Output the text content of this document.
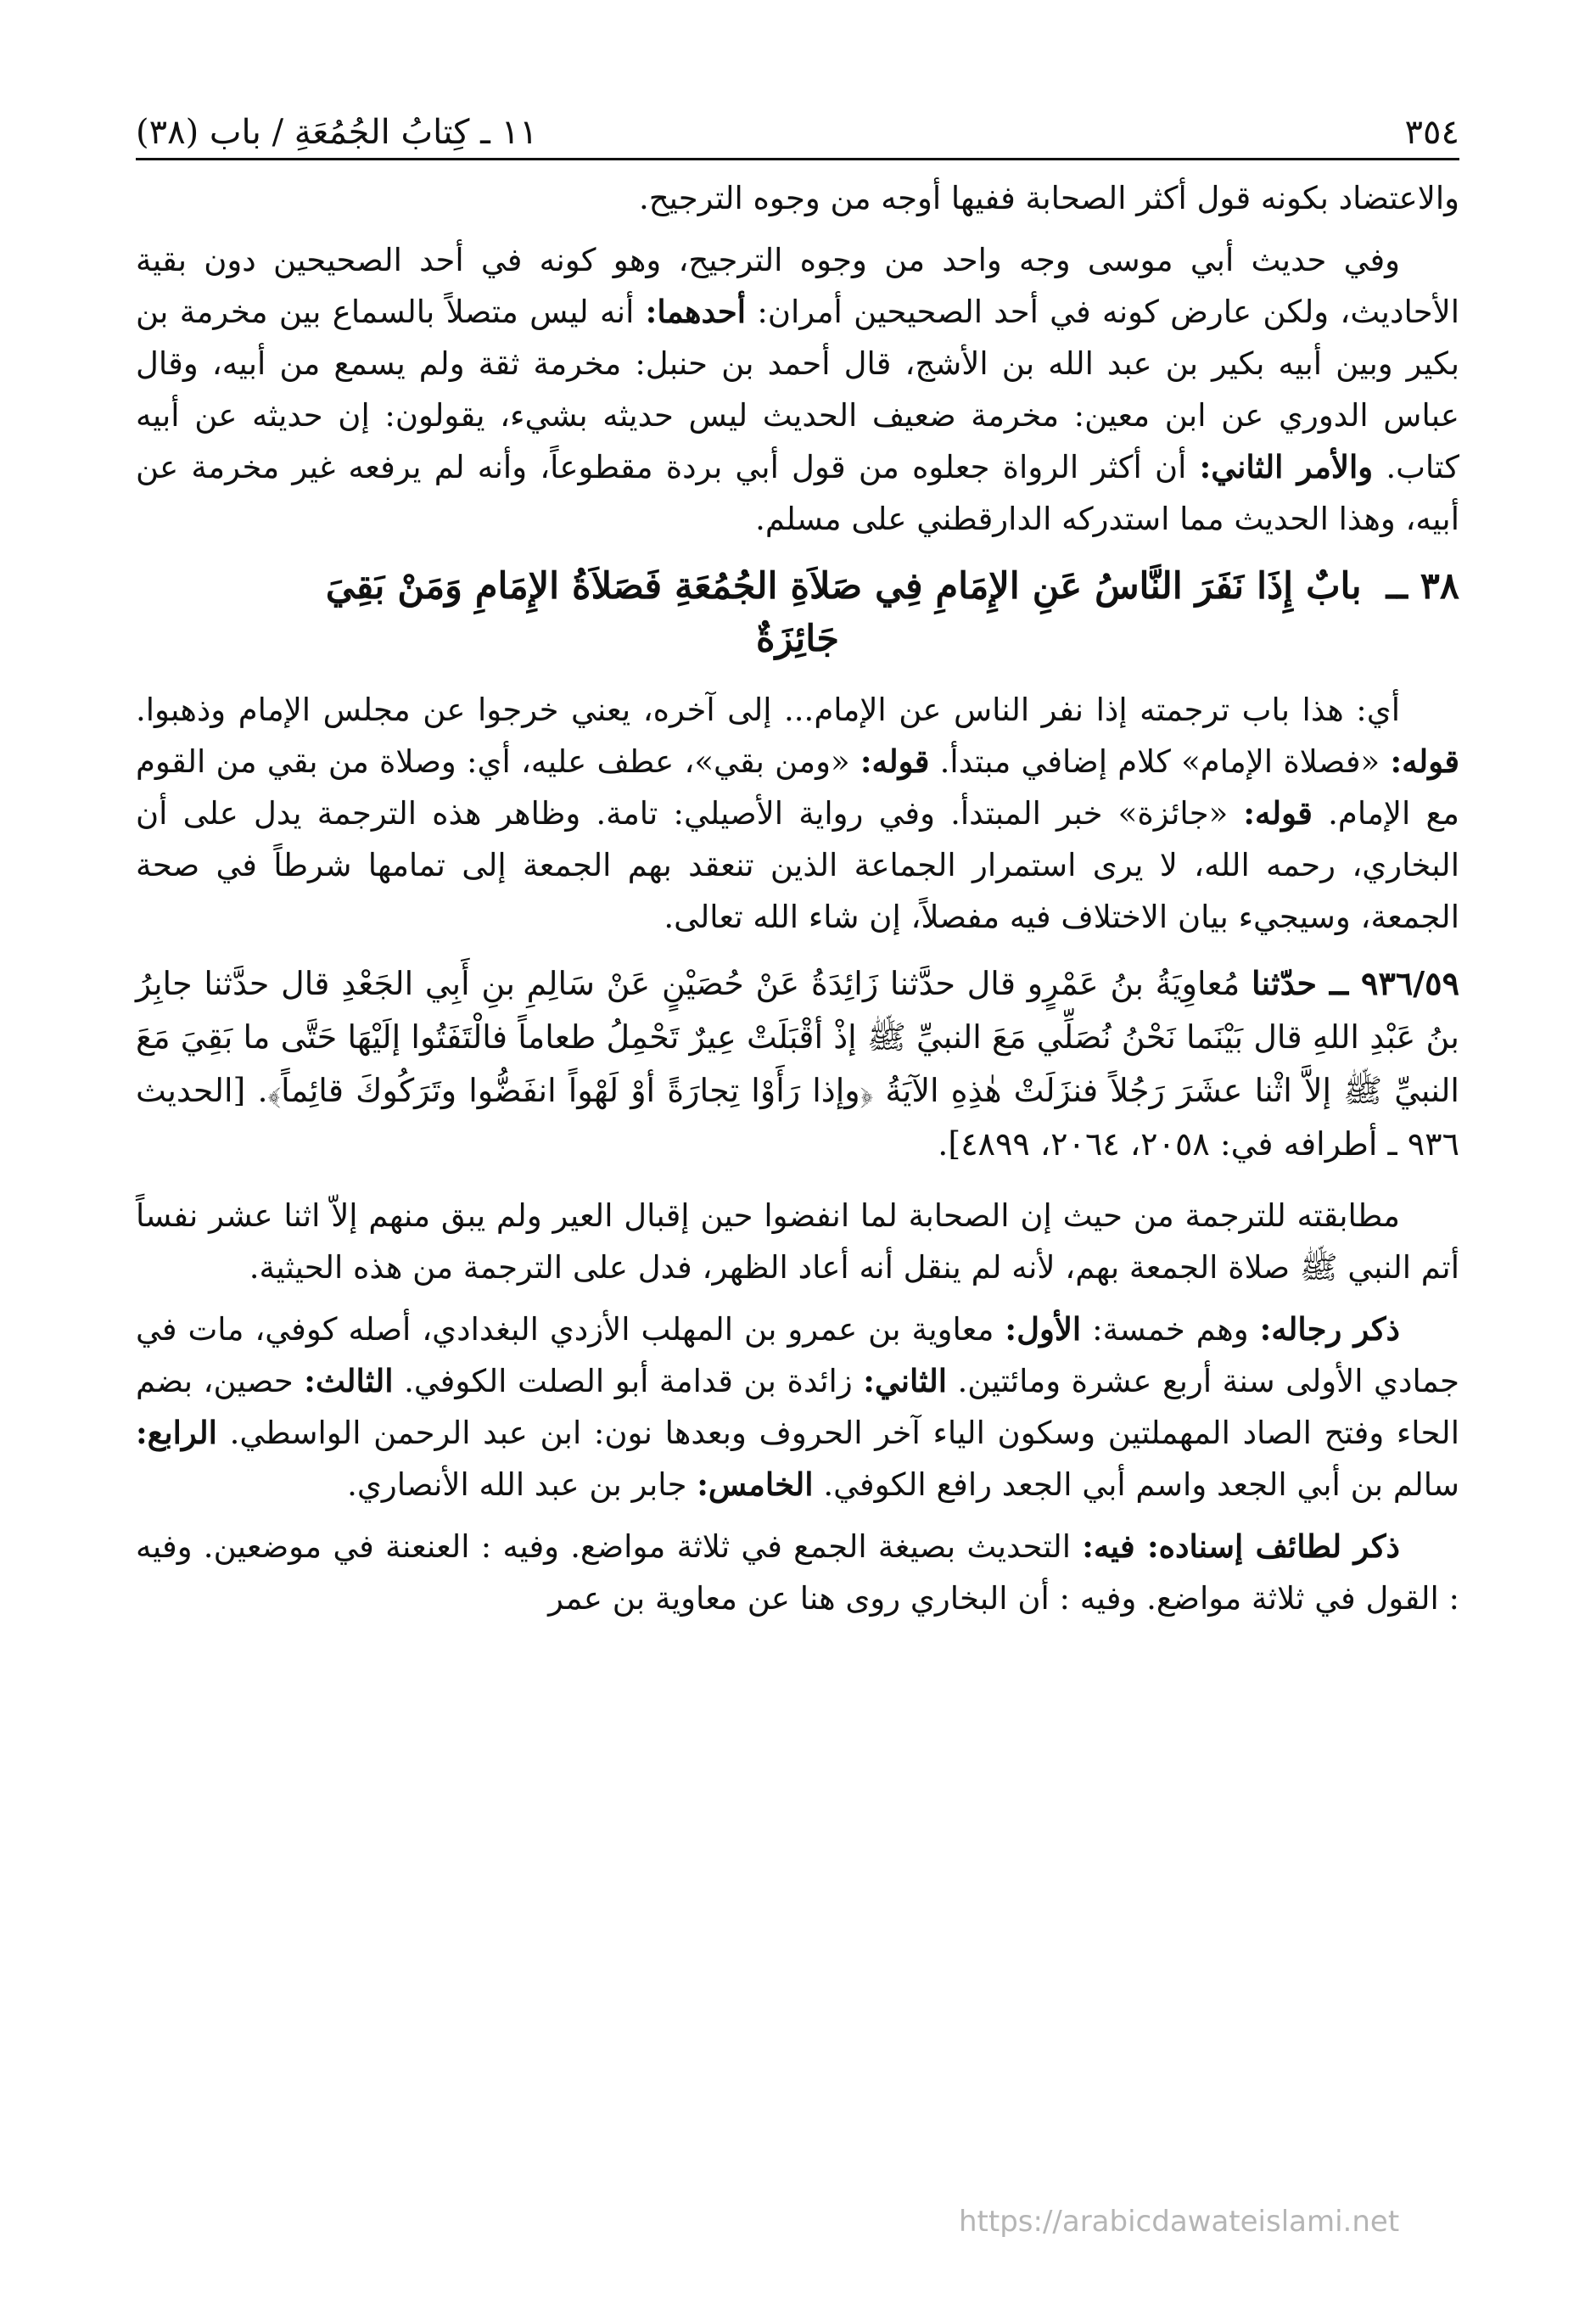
٣٥٤
١١ ـ كِتابُ الجُمُعَةِ / باب (٣٨)

والاعتضاد بكونه قول أكثر الصحابة ففيها أوجه من وجوه الترجيح.

وفي حديث أبي موسى وجه واحد من وجوه الترجيح، وهو كونه في أحد الصحيحين دون بقية الأحاديث، ولكن عارض كونه في أحد الصحيحين أمران: أحدهما: أنه ليس متصلاً بالسماع بين مخرمة بن بكير وبين أبيه بكير بن عبد الله بن الأشج، قال أحمد بن حنبل: مخرمة ثقة ولم يسمع من أبيه، وقال عباس الدوري عن ابن معين: مخرمة ضعيف الحديث ليس حديثه بشيء، يقولون: إن حديثه عن أبيه كتاب. والأمر الثاني: أن أكثر الرواة جعلوه من قول أبي بردة مقطوعاً، وأنه لم يرفعه غير مخرمة عن أبيه، وهذا الحديث مما استدركه الدارقطني على مسلم.

٣٨ ــ بابٌ إِذَا نَفَرَ النَّاسُ عَنِ الإِمَامِ فِي صَلاَةِ الجُمُعَةِ فَصَلاَةُ الإِمَامِ وَمَنْ بَقِيَ
جَائِزَةٌ

أي: هذا باب ترجمته إذا نفر الناس عن الإمام... إلى آخره، يعني خرجوا عن مجلس الإمام وذهبوا. قوله: «فصلاة الإمام» كلام إضافي مبتدأ. قوله: «ومن بقي»، عطف عليه، أي: وصلاة من بقي من القوم مع الإمام. قوله: «جائزة» خبر المبتدأ. وفي رواية الأصيلي: تامة. وظاهر هذه الترجمة يدل على أن البخاري، رحمه الله، لا يرى استمرار الجماعة الذين تنعقد بهم الجمعة إلى تمامها شرطاً في صحة الجمعة، وسيجيء بيان الاختلاف فيه مفصلاً، إن شاء الله تعالى.

٩٣٦/٥٩ ــ حدّثنا مُعاوِيَةُ بنُ عَمْرٍو قال حدَّثنا زَائِدَةُ عَنْ حُصَيْنٍ عَنْ سَالِمِ بنِ أَبِي الجَعْدِ قال حدَّثنا جابِرُ بنُ عَبْدِ اللهِ قال بَيْنَما نَحْنُ نُصَلِّي مَعَ النبيِّ ﷺ إذْ أقْبَلَتْ عِيرٌ تَحْمِلُ طعاماً فالْتَفَتُوا إلَيْهَا حَتَّى ما بَقِيَ مَعَ النبيِّ ﷺ إلاَّ اثْنا عشَرَ رَجُلاً فنزَلَتْ هٰذِهِ الآيَةُ ﴿وإذا رَأَوْا تِجارَةً أوْ لَهْواً انفَضُّوا وتَرَكُوكَ قائِماً﴾. [الحديث ٩٣٦ ـ أطرافه في: ٢٠٥٨، ٢٠٦٤، ٤٨٩٩].

مطابقته للترجمة من حيث إن الصحابة لما انفضوا حين إقبال العير ولم يبق منهم إلاّ اثنا عشر نفساً أتم النبي ﷺ صلاة الجمعة بهم، لأنه لم ينقل أنه أعاد الظهر، فدل على الترجمة من هذه الحيثية.

ذكر رجاله: وهم خمسة: الأول: معاوية بن عمرو بن المهلب الأزدي البغدادي، أصله كوفي، مات في جمادي الأولى سنة أربع عشرة ومائتين. الثاني: زائدة بن قدامة أبو الصلت الكوفي. الثالث: حصين، بضم الحاء وفتح الصاد المهملتين وسكون الياء آخر الحروف وبعدها نون: ابن عبد الرحمن الواسطي. الرابع: سالم بن أبي الجعد واسم أبي الجعد رافع الكوفي. الخامس: جابر بن عبد الله الأنصاري.

ذكر لطائف إسناده: فيه: التحديث بصيغة الجمع في ثلاثة مواضع. وفيه : العنعنة في موضعين. وفيه : القول في ثلاثة مواضع. وفيه : أن البخاري روى هنا عن معاوية بن عمر

https://arabicdawateislami.net
